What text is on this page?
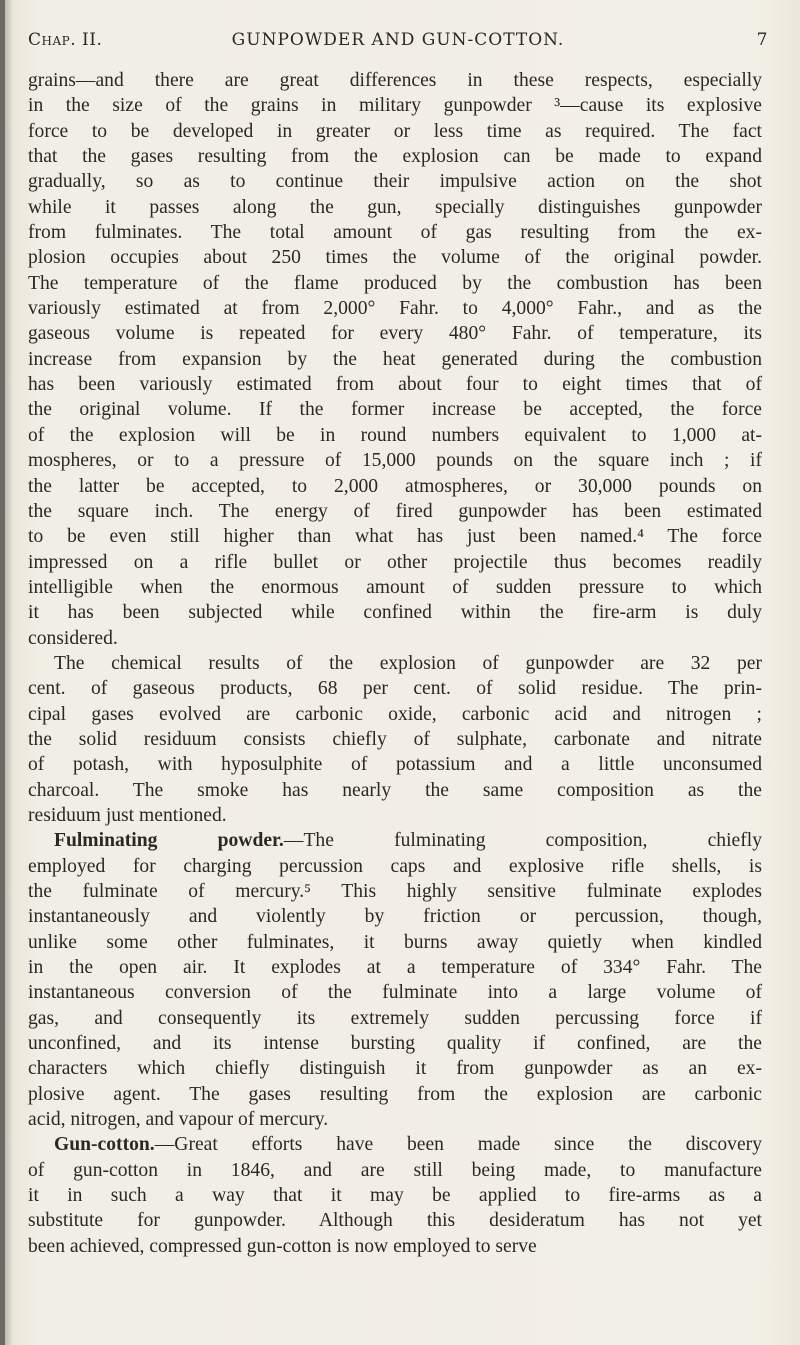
Chap. II.	GUNPOWDER AND GUN-COTTON.	7
grains—and there are great differences in these respects, especially
in the size of the grains in military gunpowder ³—cause its explosive
force to be developed in greater or less time as required. The fact
that the gases resulting from the explosion can be made to expand
gradually, so as to continue their impulsive action on the shot
while it passes along the gun, specially distinguishes gunpowder
from fulminates. The total amount of gas resulting from the ex-
plosion occupies about 250 times the volume of the original powder.
The temperature of the flame produced by the combustion has been
variously estimated at from 2,000° Fahr. to 4,000° Fahr., and as the
gaseous volume is repeated for every 480° Fahr. of temperature, its
increase from expansion by the heat generated during the combustion
has been variously estimated from about four to eight times that of
the original volume. If the former increase be accepted, the force
of the explosion will be in round numbers equivalent to 1,000 at-
mospheres, or to a pressure of 15,000 pounds on the square inch ; if
the latter be accepted, to 2,000 atmospheres, or 30,000 pounds on
the square inch. The energy of fired gunpowder has been estimated
to be even still higher than what has just been named.⁴ The force
impressed on a rifle bullet or other projectile thus becomes readily
intelligible when the enormous amount of sudden pressure to which
it has been subjected while confined within the fire-arm is duly
considered.
The chemical results of the explosion of gunpowder are 32 per
cent. of gaseous products, 68 per cent. of solid residue. The prin-
cipal gases evolved are carbonic oxide, carbonic acid and nitrogen ;
the solid residuum consists chiefly of sulphate, carbonate and nitrate
of potash, with hyposulphite of potassium and a little unconsumed
charcoal. The smoke has nearly the same composition as the
residuum just mentioned.
Fulminating powder.—The fulminating composition, chiefly
employed for charging percussion caps and explosive rifle shells, is
the fulminate of mercury.⁵ This highly sensitive fulminate explodes
instantaneously and violently by friction or percussion, though,
unlike some other fulminates, it burns away quietly when kindled
in the open air. It explodes at a temperature of 334° Fahr. The
instantaneous conversion of the fulminate into a large volume of
gas, and consequently its extremely sudden percussing force if
unconfined, and its intense bursting quality if confined, are the
characters which chiefly distinguish it from gunpowder as an ex-
plosive agent. The gases resulting from the explosion are carbonic
acid, nitrogen, and vapour of mercury.
Gun-cotton.—Great efforts have been made since the discovery
of gun-cotton in 1846, and are still being made, to manufacture
it in such a way that it may be applied to fire-arms as a
substitute for gunpowder. Although this desideratum has not yet
been achieved, compressed gun-cotton is now employed to serve
